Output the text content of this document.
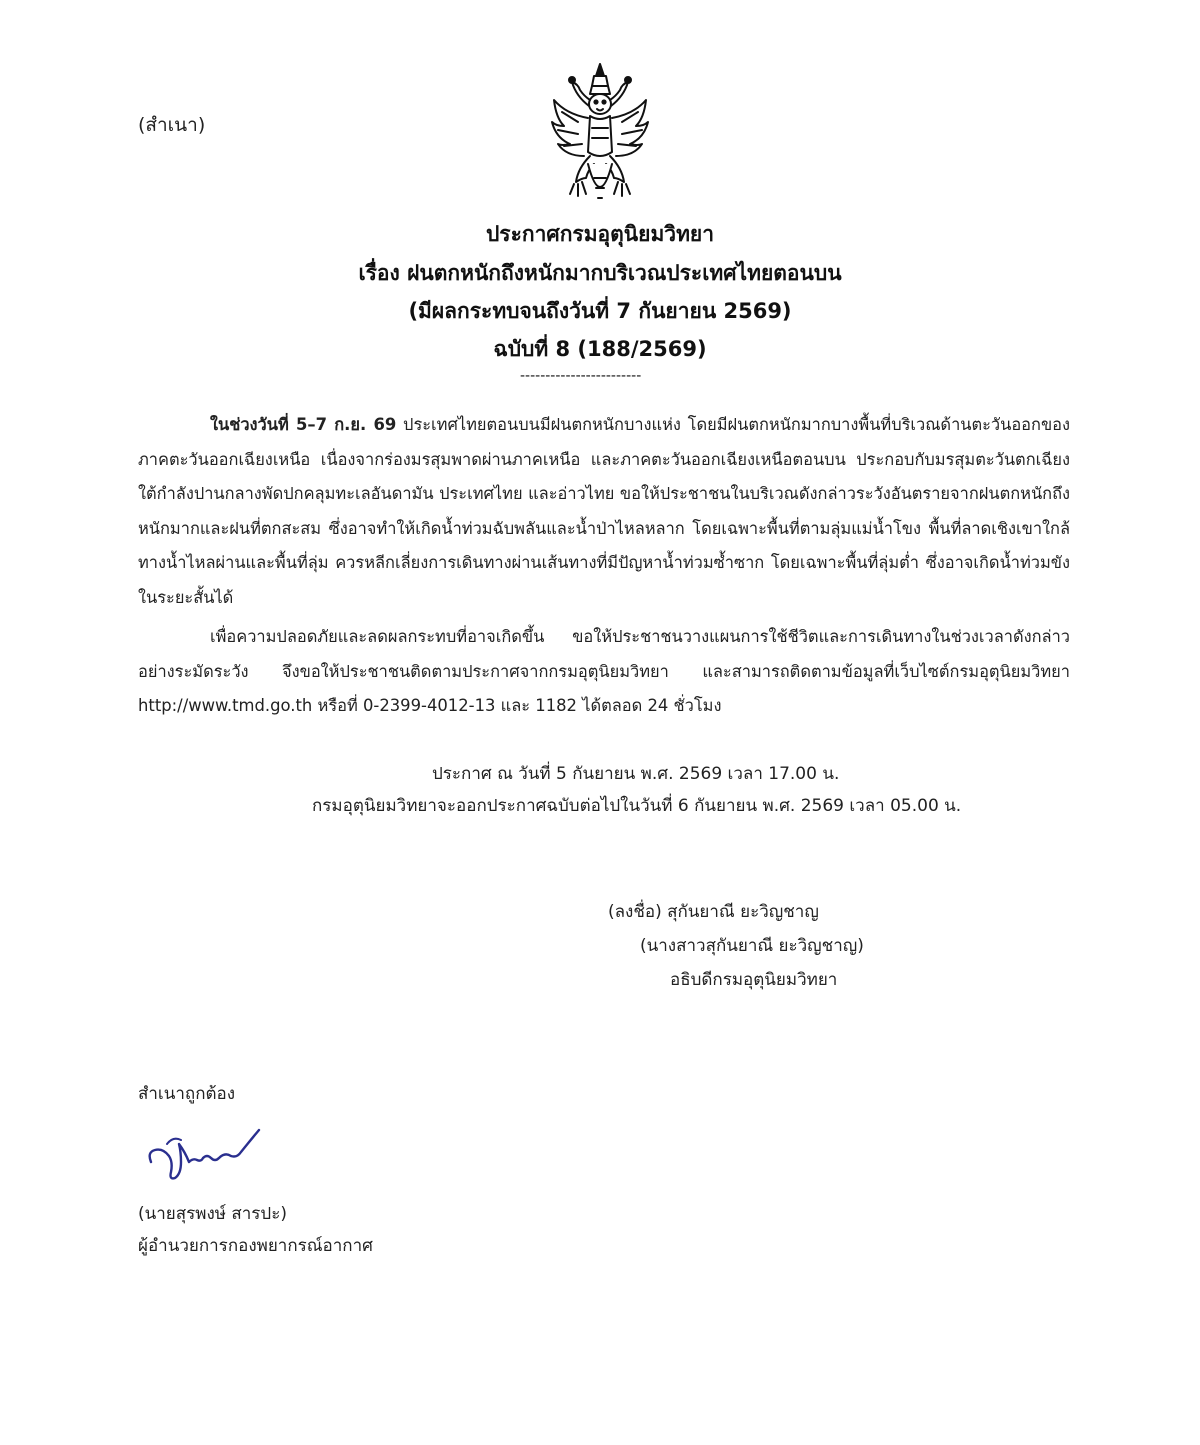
(สำเนา)
ประกาศกรมอุตุนิยมวิทยา
เรื่อง ฝนตกหนักถึงหนักมากบริเวณประเทศไทยตอนบน
(มีผลกระทบจนถึงวันที่ 7 กันยายน 2569)
ฉบับที่ 8 (188/2569)
------------------------

ในช่วงวันที่ 5–7 ก.ย. 69 ประเทศไทยตอนบนมีฝนตกหนักบางแห่ง โดยมีฝนตกหนักมากบางพื้นที่บริเวณด้านตะวันออกของภาคตะวันออกเฉียงเหนือ เนื่องจากร่องมรสุมพาดผ่านภาคเหนือ และภาคตะวันออกเฉียงเหนือตอนบน ประกอบกับมรสุมตะวันตกเฉียงใต้กำลังปานกลางพัดปกคลุมทะเลอันดามัน ประเทศไทย และอ่าวไทย ขอให้ประชาชนในบริเวณดังกล่าวระวังอันตรายจากฝนตกหนักถึงหนักมากและฝนที่ตกสะสม ซึ่งอาจทำให้เกิดน้ำท่วมฉับพลันและน้ำป่าไหลหลาก โดยเฉพาะพื้นที่ตามลุ่มแม่น้ำโขง พื้นที่ลาดเชิงเขาใกล้ทางน้ำไหลผ่านและพื้นที่ลุ่ม ควรหลีกเลี่ยงการเดินทางผ่านเส้นทางที่มีปัญหาน้ำท่วมซ้ำซาก โดยเฉพาะพื้นที่ลุ่มต่ำ ซึ่งอาจเกิดน้ำท่วมขังในระยะสั้นได้

เพื่อความปลอดภัยและลดผลกระทบที่อาจเกิดขึ้น ขอให้ประชาชนวางแผนการใช้ชีวิตและการเดินทางในช่วงเวลาดังกล่าวอย่างระมัดระวัง จึงขอให้ประชาชนติดตามประกาศจากกรมอุตุนิยมวิทยา และสามารถติดตามข้อมูลที่เว็บไซต์กรมอุตุนิยมวิทยา http://www.tmd.go.th หรือที่ 0-2399-4012-13 และ 1182 ได้ตลอด 24 ชั่วโมง

ประกาศ ณ วันที่ 5 กันยายน พ.ศ. 2569 เวลา 17.00 น.
กรมอุตุนิยมวิทยาจะออกประกาศฉบับต่อไปในวันที่ 6 กันยายน พ.ศ. 2569 เวลา 05.00 น.
(ลงชื่อ) สุกันยาณี ยะวิญชาญ
(นางสาวสุกันยาณี ยะวิญชาญ)
อธิบดีกรมอุตุนิยมวิทยา
สำเนาถูกต้อง
(นายสุรพงษ์ สารปะ)
ผู้อำนวยการกองพยากรณ์อากาศ
